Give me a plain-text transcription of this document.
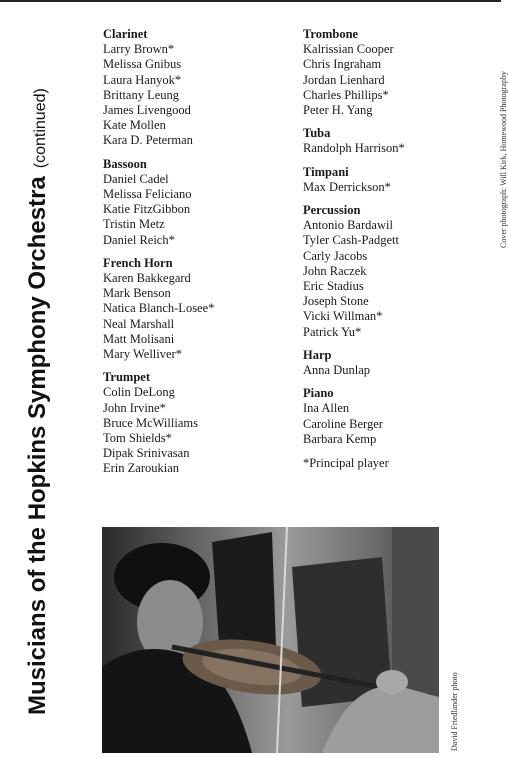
Musicians of the Hopkins Symphony Orchestra(continued)	Cover photograph: Will Kirk, Homewood Photography
Clarinet
Larry Brown*
Melissa Gnibus
Laura Hanyok*
Brittany Leung
James Livengood
Kate Mollen
Kara D. Peterman
Bassoon
Daniel Cadel
Melissa Feliciano
Katie FitzGibbon
Tristin Metz
Daniel Reich*
French Horn
Karen Bakkegard
Mark Benson
Natica Blanch-Losee*
Neal Marshall
Matt Molisani
Mary Welliver*
Trumpet
Colin DeLong
John Irvine*
Bruce McWilliams
Tom Shields*
Dipak Srinivasan
Erin Zaroukian
Trombone
Kalrissian Cooper
Chris Ingraham
Jordan Lienhard
Charles Phillips*
Peter H. Yang
Tuba
Randolph Harrison*
Timpani
Max Derrickson*
Percussion
Antonio Bardawil
Tyler Cash-Padgett
Carly Jacobs
John Raczek
Eric Stadius
Joseph Stone
Vicki Willman*
Patrick Yu*
Harp
Anna Dunlap
Piano
Ina Allen
Caroline Berger
Barbara Kemp
*Principal player
David Friedlander photo
